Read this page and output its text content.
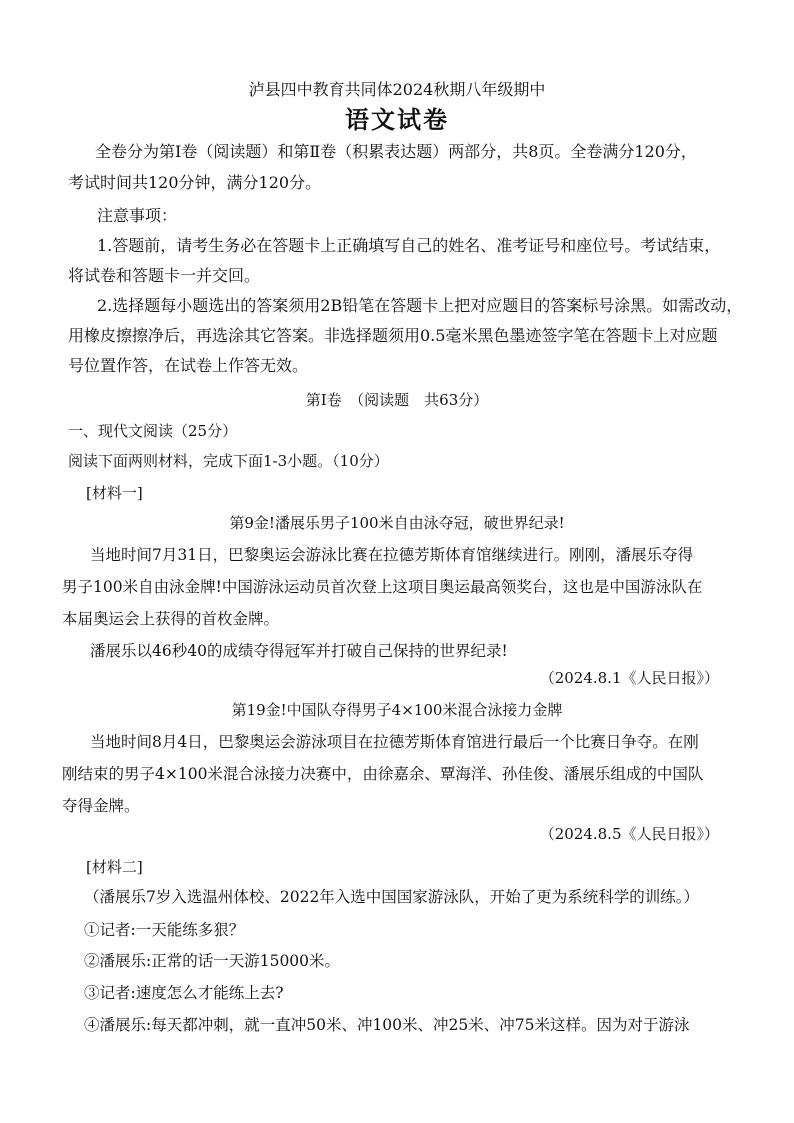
泸县四中教育共同体2024秋期八年级期中
语文试卷
全卷分为第Ⅰ卷（阅读题）和第Ⅱ卷（积累表达题）两部分，共8页。全卷满分120分，
考试时间共120分钟，满分120分。
注意事项：
1.答题前，请考生务必在答题卡上正确填写自己的姓名、准考证号和座位号。考试结束，
将试卷和答题卡一并交回。
2.选择题每小题选出的答案须用2B铅笔在答题卡上把对应题目的答案标号涂黑。如需改动，
用橡皮擦擦净后，再选涂其它答案。非选择题须用0.5毫米黑色墨迹签字笔在答题卡上对应题
号位置作答，在试卷上作答无效。
第Ⅰ卷　（阅读题　共63分）
一、现代文阅读（25分）
阅读下面两则材料，完成下面1-3小题。（10分）
[材料一]
第9金!潘展乐男子100米自由泳夺冠，破世界纪录!
当地时间7月31日，巴黎奥运会游泳比赛在拉德芳斯体育馆继续进行。刚刚，潘展乐夺得
男子100米自由泳金牌!中国游泳运动员首次登上这项目奥运最高领奖台，这也是中国游泳队在
本届奥运会上获得的首枚金牌。
潘展乐以46秒40的成绩夺得冠军并打破自己保持的世界纪录!
（2024.8.1《人民日报》）
第19金!中国队夺得男子4×100米混合泳接力金牌
当地时间8月4日，巴黎奥运会游泳项目在拉德芳斯体育馆进行最后一个比赛日争夺。在刚
刚结束的男子4×100米混合泳接力决赛中，由徐嘉余、覃海洋、孙佳俊、潘展乐组成的中国队
夺得金牌。
（2024.8.5《人民日报》）
[材料二]
（潘展乐7岁入选温州体校、2022年入选中国国家游泳队，开始了更为系统科学的训练。）
①记者:一天能练多狠？
②潘展乐:正常的话一天游15000米。
③记者:速度怎么才能练上去?
④潘展乐:每天都冲刺，就一直冲50米、冲100米、冲25米、冲75米这样。因为对于游泳
